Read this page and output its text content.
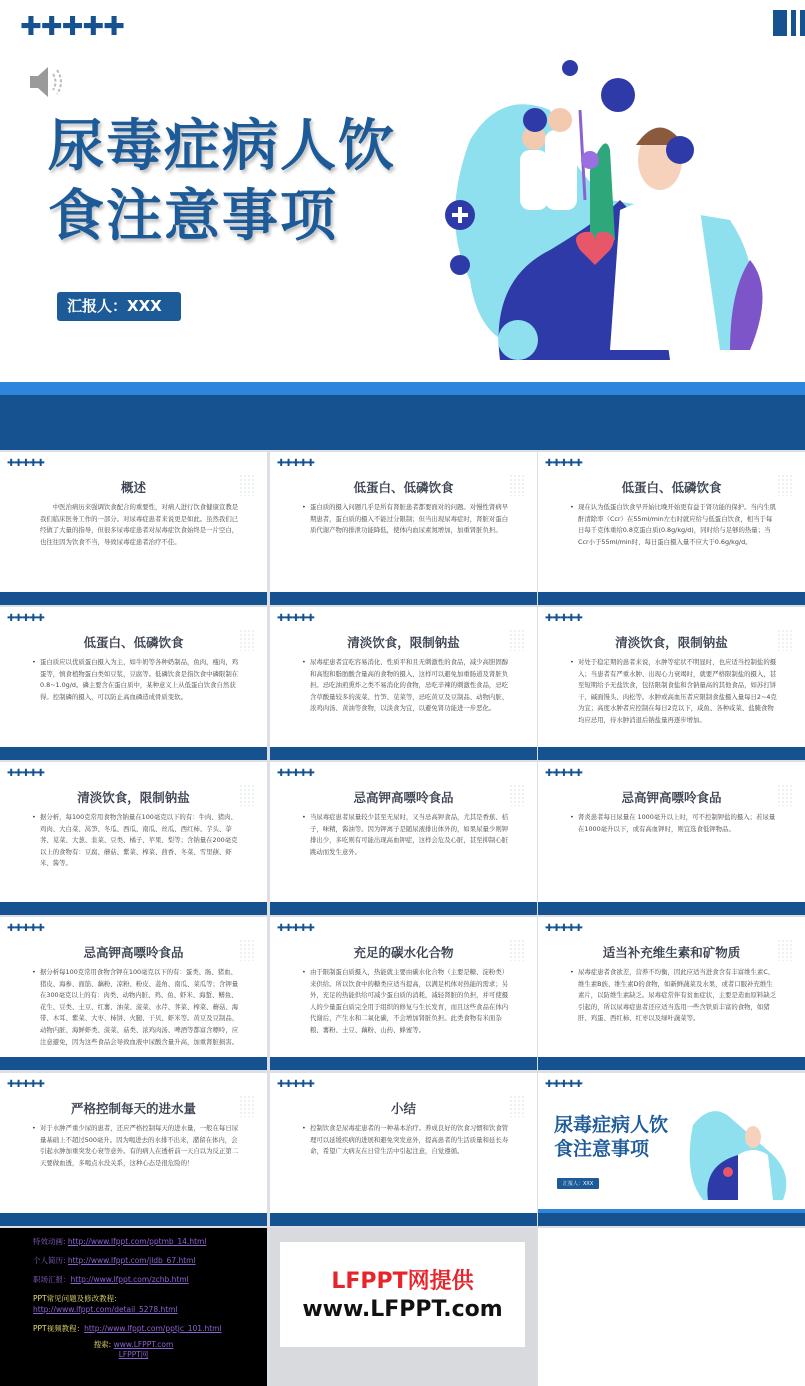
✚✚✚✚✚
尿毒症病人饮
食注意事项
汇报人：XXX
✚✚✚✚✚
概述
中医治病历来强调饮食配合的重要性，对病人进行饮食健康宣教是我们临床医务工作的一部分。对尿毒症患者来说更是如此。虽然我们已经做了大量的指导，但很多尿毒症患者对尿毒症饮食始终是一片空白，也往往因为饮食不当，导致尿毒症患者治疗不佳。
✚✚✚✚✚
低蛋白、低磷饮食
• 蛋白质的摄入问题几乎是所有肾脏患者都要面对的问题。对慢性肾病早期患者，蛋白质的摄入不能过分限制；但当出现尿毒症时，肾脏对蛋白质代谢产物的排泄功能降低，使体内血尿素氮增加，加重肾脏负担。
✚✚✚✚✚
低蛋白、低磷饮食
• 现在认为低蛋白饮食早开始比晚开始更有益于肾功能的保护。当内生肌酐清除率（Ccr）在55ml/min左右时就应给与低蛋白饮食，相当于每日每千克体重给0.8克蛋白质(0.8g/kg/d)，同时给与足够的热量；当Ccr小于55ml/min时，每日蛋白摄入量不应大于0.6g/kg/d。
✚✚✚✚✚
低蛋白、低磷饮食
• 蛋白质应以优质蛋白摄入为主，如牛奶等各种奶制品，鱼肉，瘦肉，鸡蛋等，慎食植物蛋白类如豆浆，豆腐等。低磷饮食是指饮食中磷限制在0.8~1.0g/d。磷主要含在蛋白质中，某种意义上从低蛋白饮食自然获得。控制磷的摄入，可以防止高血磷造成骨质变软。
✚✚✚✚✚
清淡饮食，限制钠盐
• 尿毒症患者宜吃容易消化、性质平和且无刺激性的食品，减少高胆固醇和高饱和脂肪酸含量高的食物的摄入，这样可以避免加重肠道及肾脏负担。忌吃油煎熏炸之类不易消化的食物，忌吃辛辣的刺激性食品，忌吃含草酸量较多的菠菜、竹笋、苋菜等，忌吃黄豆及豆制品、动物内脏、浓鸡肉汤、黄油等食物，以淡食为宜，以避免肾功能进一步恶化。
✚✚✚✚✚
清淡饮食，限制钠盐
• 对处于稳定期的患者来说，水肿等症状不明显时，也应适当控制盐的摄入；当患者有严重水肿、出现心力衰竭时，就要严格限制盐的摄入，甚至短期给予无盐饮食，包括限制食盐和含钠量高的其他食品，如苏打饼干、碱面馒头、肉松等。水肿或高血压者应限制食盐摄入量每日2~4克为宜；高度水肿者应控制在每日2克以下，咸鱼、各种咸菜、盐腌食物均应忌用，待水肿消退后钠盐量再逐步增加。
✚✚✚✚✚
清淡饮食，限制钠盐
• 据分析，每100克常用食物含钠量在100毫克以下的有：牛肉、猪肉、鸡肉、大白菜、莴笋、冬瓜、西瓜、南瓜、丝瓜、西红柿、芋头、荸荠、苋菜、大葱、韭菜、豆类、橘子、苹果、梨等；含钠量在200毫克以上的食物有：豆腐、蘑菇、紫菜、榨菜、茴香、冬菜、雪里蕻、虾米、酱等。
✚✚✚✚✚
忌高钾高嘌呤食品
• 当尿毒症患者尿量较少甚至无尿时，又当忌高钾食品，尤其是香蕉、桔子，味精，酱油等。因为钾离子是随尿液排出体外的，如果尿量少则钾排出少，多吃则有可能出现高血钾症，这样会危及心脏，甚至抑制心脏跳动而发生意外。
✚✚✚✚✚
忌高钾高嘌呤食品
• 肾炎患者每日尿量在 1000毫升以上时，可不控制钾盐的摄入；若尿量在1000毫升以下，或有高血钾时，则宜选食低钾物品。
✚✚✚✚✚
忌高钾高嘌呤食品
• 据分析每100克常用食物含钾在100毫克以下的有：蛋类、肠、猪血、猪皮、海参、面筋、藕粉、凉粉、粉皮、菱角、南瓜、菜瓜等；含钾量在300毫克以上的有：肉类、动物内脏、鸡、鱼、虾米、海蜇、鳝鱼、花生、豆类、土豆、红薯、油菜、菠菜、水芹、荠菜、榨菜、蘑菇、海带、木耳、紫菜、大枣、柿饼、火腿、干贝、虾米等。黄豆及豆制品、动物内脏、海鲜虾类、菠菜、菇类、浓鸡肉汤、啤酒等都富含嘌呤，应注意避免，因为这些食品会导致血液中尿酸含量升高，加重肾脏损害。
✚✚✚✚✚
充足的碳水化合物
• 由于限制蛋白质摄入，热能就主要由碳水化合物（主要是糖、淀粉类）来供给。所以饮食中的糖类应适当提高，以满足机体对热能的需求；另外，充足的热能供给可减少蛋白质的消耗，减轻肾脏的负担，并可使摄人的少量蛋白质完全用于组织的修复与生长发育，而且这些食品在体内代谢后，产生水和二氧化碳，不会增加肾脏负担。此类食物有米面杂粮、薯粉、土豆、藕粉、山药、蜂蜜等。
✚✚✚✚✚
适当补充维生素和矿物质
• 尿毒症患者食欲差，营养不均衡，因此应适当进食含有丰富维生素C、维生素B族、维生素D的食物，如新鲜蔬菜及水果，或者口服补充维生素片，以防维生素缺乏。尿毒症常伴有贫血症状，主要是造血原料缺乏引起的，所以尿毒症患者还应适当选用一些含铁质丰富的食物，如猪肝、鸡蛋、西红柿、红枣以及绿叶蔬菜等。
✚✚✚✚✚
严格控制每天的进水量
• 对于水肿严重少尿的患者，还应严格控制每天的进水量，一般在每日尿量基础上不超过500毫升。因为喝进去的水排不出来，潴留在体内，会引起水肿加重突发心衰等意外。有的病人在透析前一天自以为反正第二天要做血透，多喝点水没关系，这种心态是很危险的！
✚✚✚✚✚
小结
• 控制饮食是尿毒症患者的一种基本治疗。养成良好的饮食习惯和饮食管理可以延缓疾病的进展和避免突发意外，提高患者的生活质量和延长寿命，希望广大病友在日常生活中引起注意，自觉遵循。
✚✚✚✚✚
尿毒症病人饮
食注意事项
汇报人：XXX

特效动画: http://www.lfppt.com/pptmb_14.html

个人简历: http://www.lfppt.com/jldb_67.html

职场汇报：http://www.lfppt.com/zchb.html

PPT常见问题及修改教程:
http://www.lfppt.com/detail_5278.html

PPT视频教程：http://www.lfppt.com/pptjc_101.html

搜索: www.LFPPT.com
LFPPT网
LFPPT网提供
www.LFPPT.com
